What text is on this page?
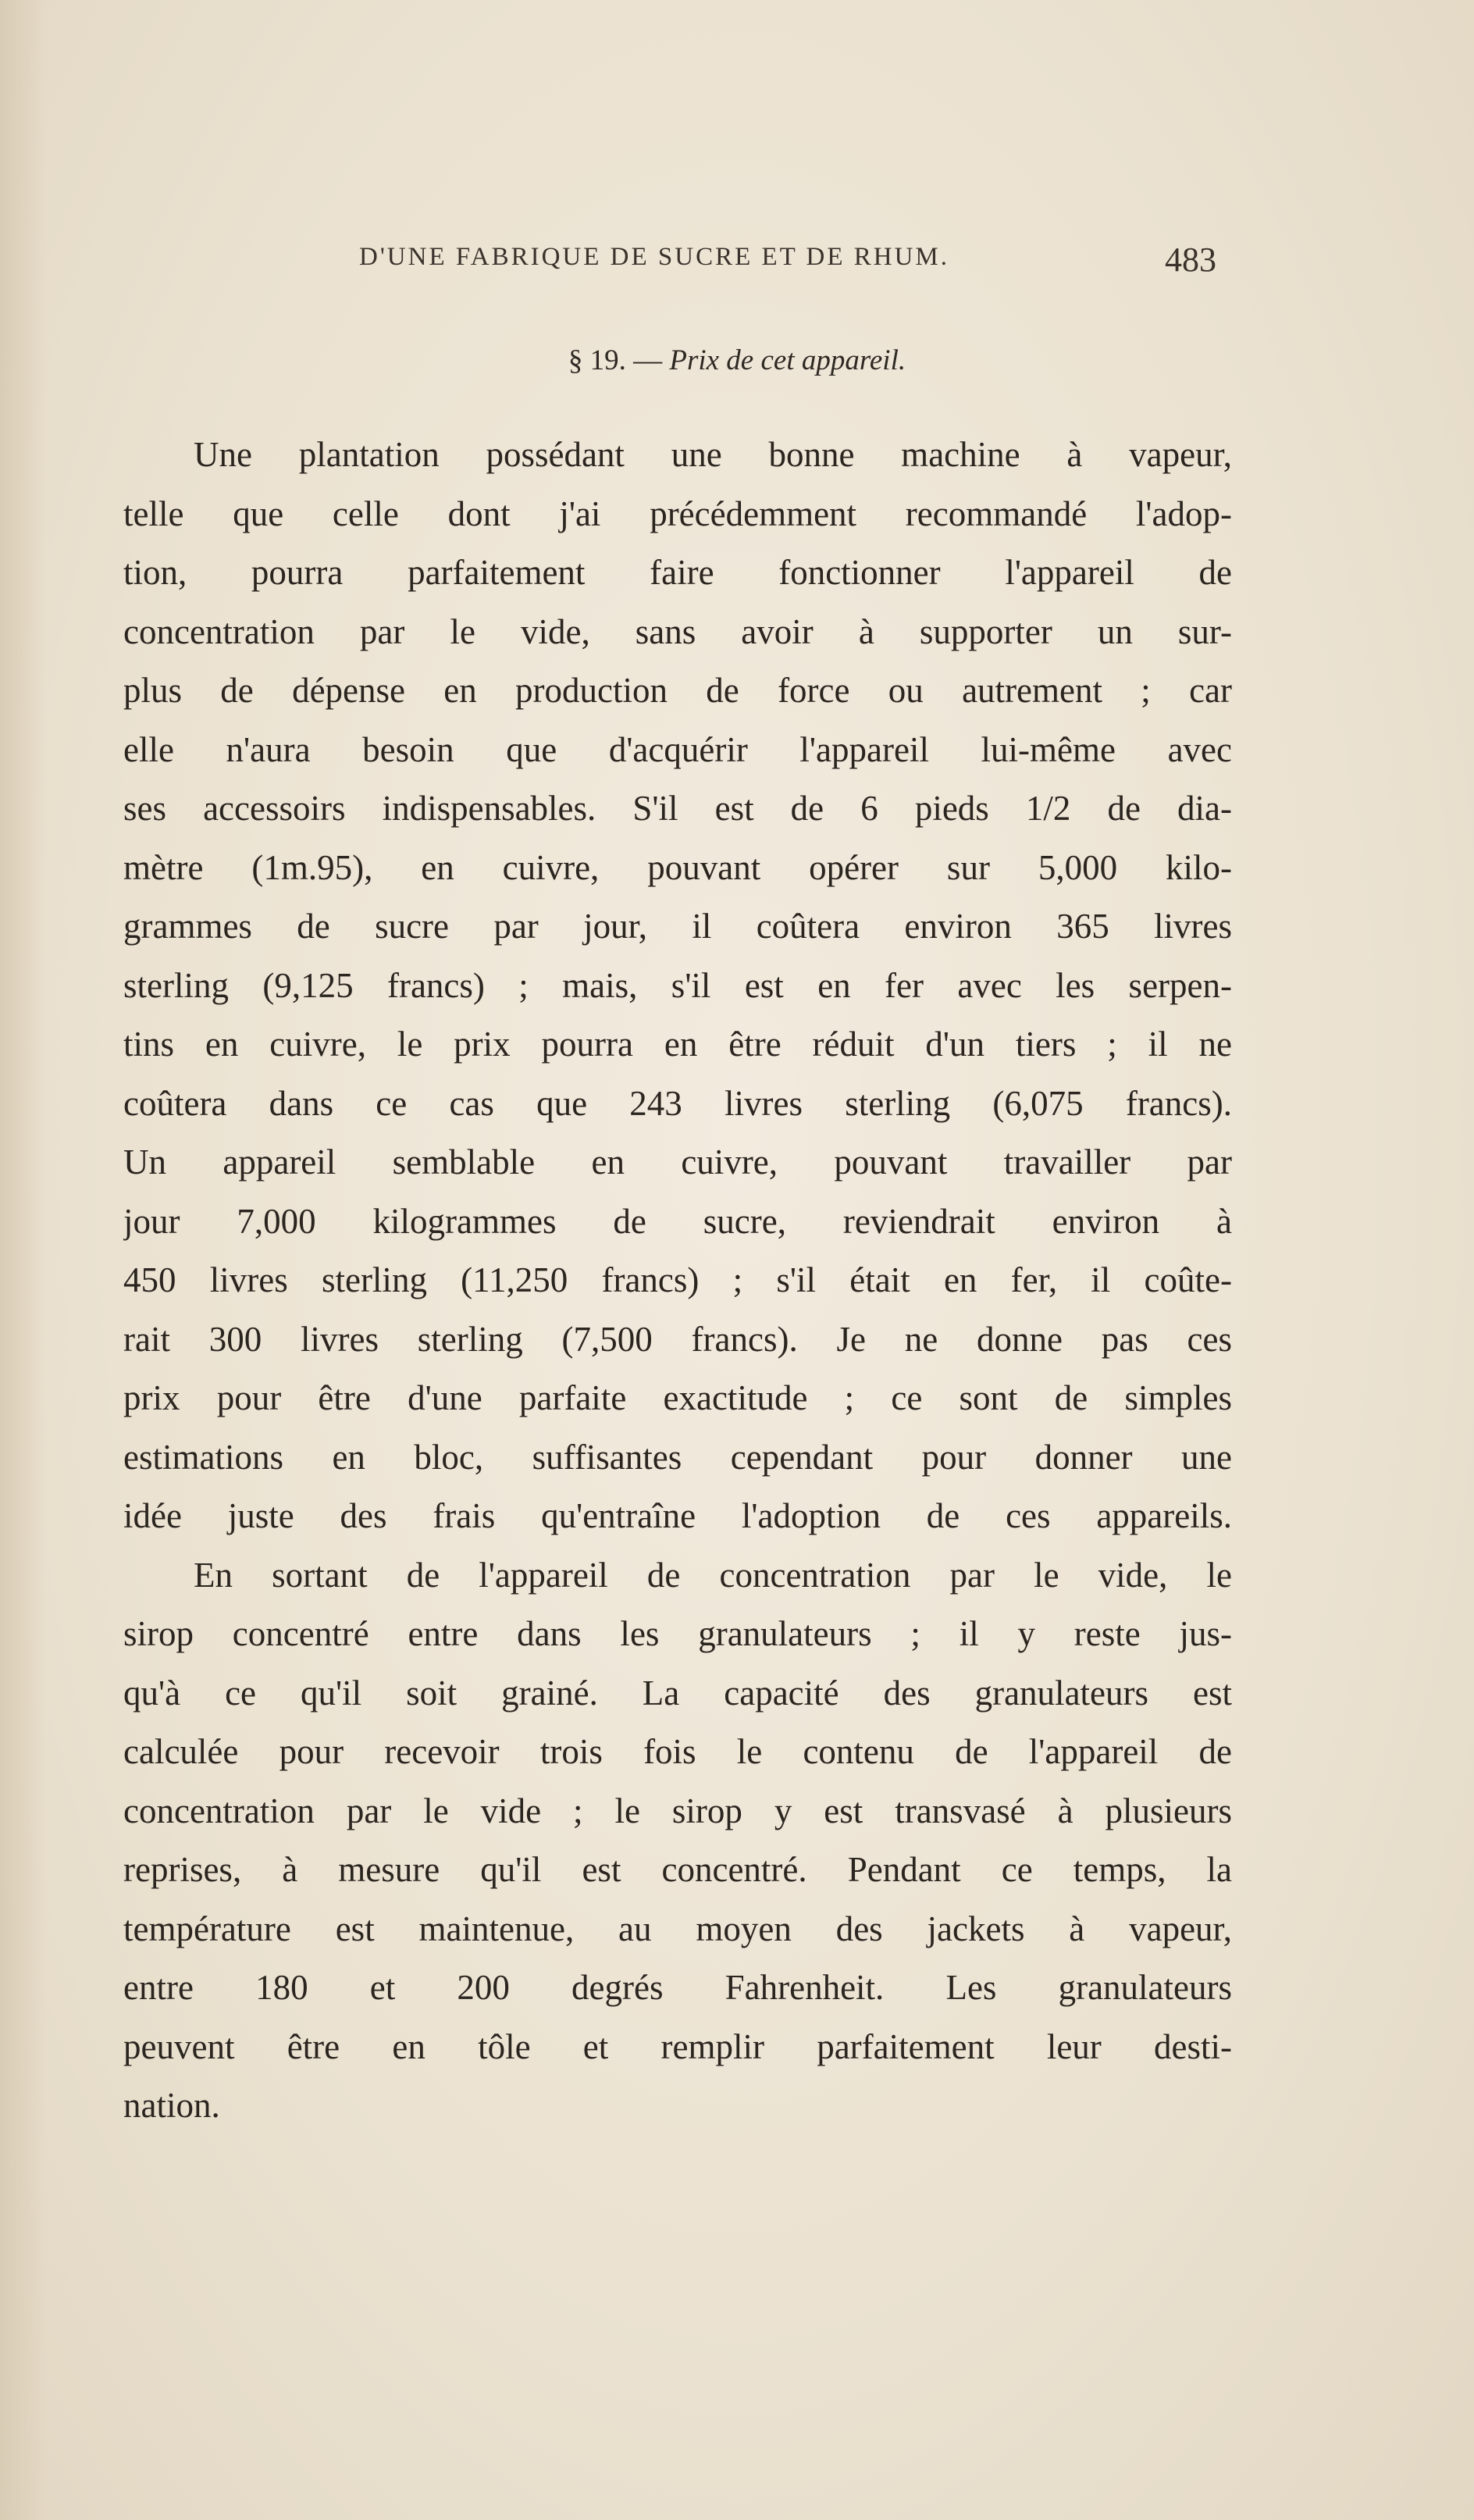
D'UNE FABRIQUE DE SUCRE ET DE RHUM.	483
§ 19. — Prix de cet appareil.
Une plantation possédant une bonne machine à vapeur,
telle que celle dont j'ai précédemment recommandé l'adop-
tion, pourra parfaitement faire fonctionner l'appareil de
concentration par le vide, sans avoir à supporter un sur-
plus de dépense en production de force ou autrement ; car
elle n'aura besoin que d'acquérir l'appareil lui-même avec
ses accessoirs indispensables. S'il est de 6 pieds 1/2 de dia-
mètre (1m.95), en cuivre, pouvant opérer sur 5,000 kilo-
grammes de sucre par jour, il coûtera environ 365 livres
sterling (9,125 francs) ; mais, s'il est en fer avec les serpen-
tins en cuivre, le prix pourra en être réduit d'un tiers ; il ne
coûtera dans ce cas que 243 livres sterling (6,075 francs).
Un appareil semblable en cuivre, pouvant travailler par
jour 7,000 kilogrammes de sucre, reviendrait environ à
450 livres sterling (11,250 francs) ; s'il était en fer, il coûte-
rait 300 livres sterling (7,500 francs). Je ne donne pas ces
prix pour être d'une parfaite exactitude ; ce sont de simples
estimations en bloc, suffisantes cependant pour donner une
idée juste des frais qu'entraîne l'adoption de ces appareils.
En sortant de l'appareil de concentration par le vide, le
sirop concentré entre dans les granulateurs ; il y reste jus-
qu'à ce qu'il soit grainé. La capacité des granulateurs est
calculée pour recevoir trois fois le contenu de l'appareil de
concentration par le vide ; le sirop y est transvasé à plusieurs
reprises, à mesure qu'il est concentré. Pendant ce temps, la
température est maintenue, au moyen des jackets à vapeur,
entre 180 et 200 degrés Fahrenheit. Les granulateurs
peuvent être en tôle et remplir parfaitement leur desti-
nation.
